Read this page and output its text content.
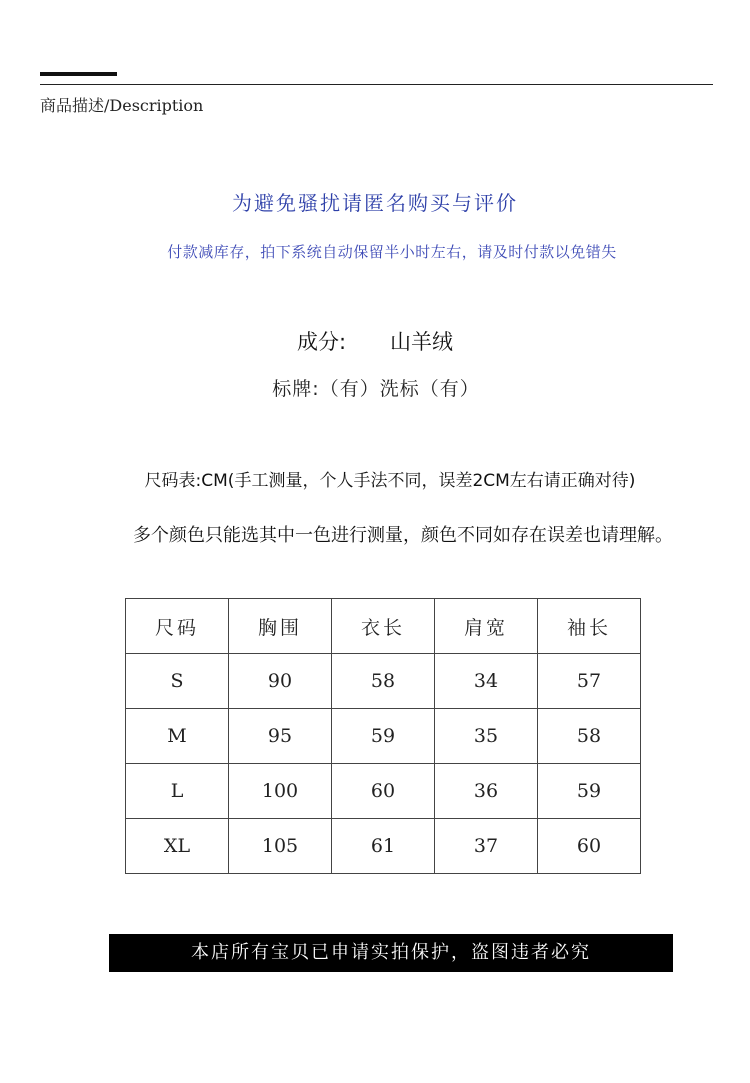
商品描述/Description
为避免骚扰请匿名购买与评价
付款减库存，拍下系统自动保留半小时左右，请及时付款以免错失
成分: 山羊绒
标牌:（有）洗标（有）
尺码表:CM(手工测量，个人手法不同，误差2CM左右请正确对待)
多个颜色只能选其中一色进行测量，颜色不同如存在误差也请理解。
尺码	胸围	衣长	肩宽	袖长
S	90	58	34	57
M	95	59	35	58
L	100	60	36	59
XL	105	61	37	60
本店所有宝贝已申请实拍保护，盗图违者必究
